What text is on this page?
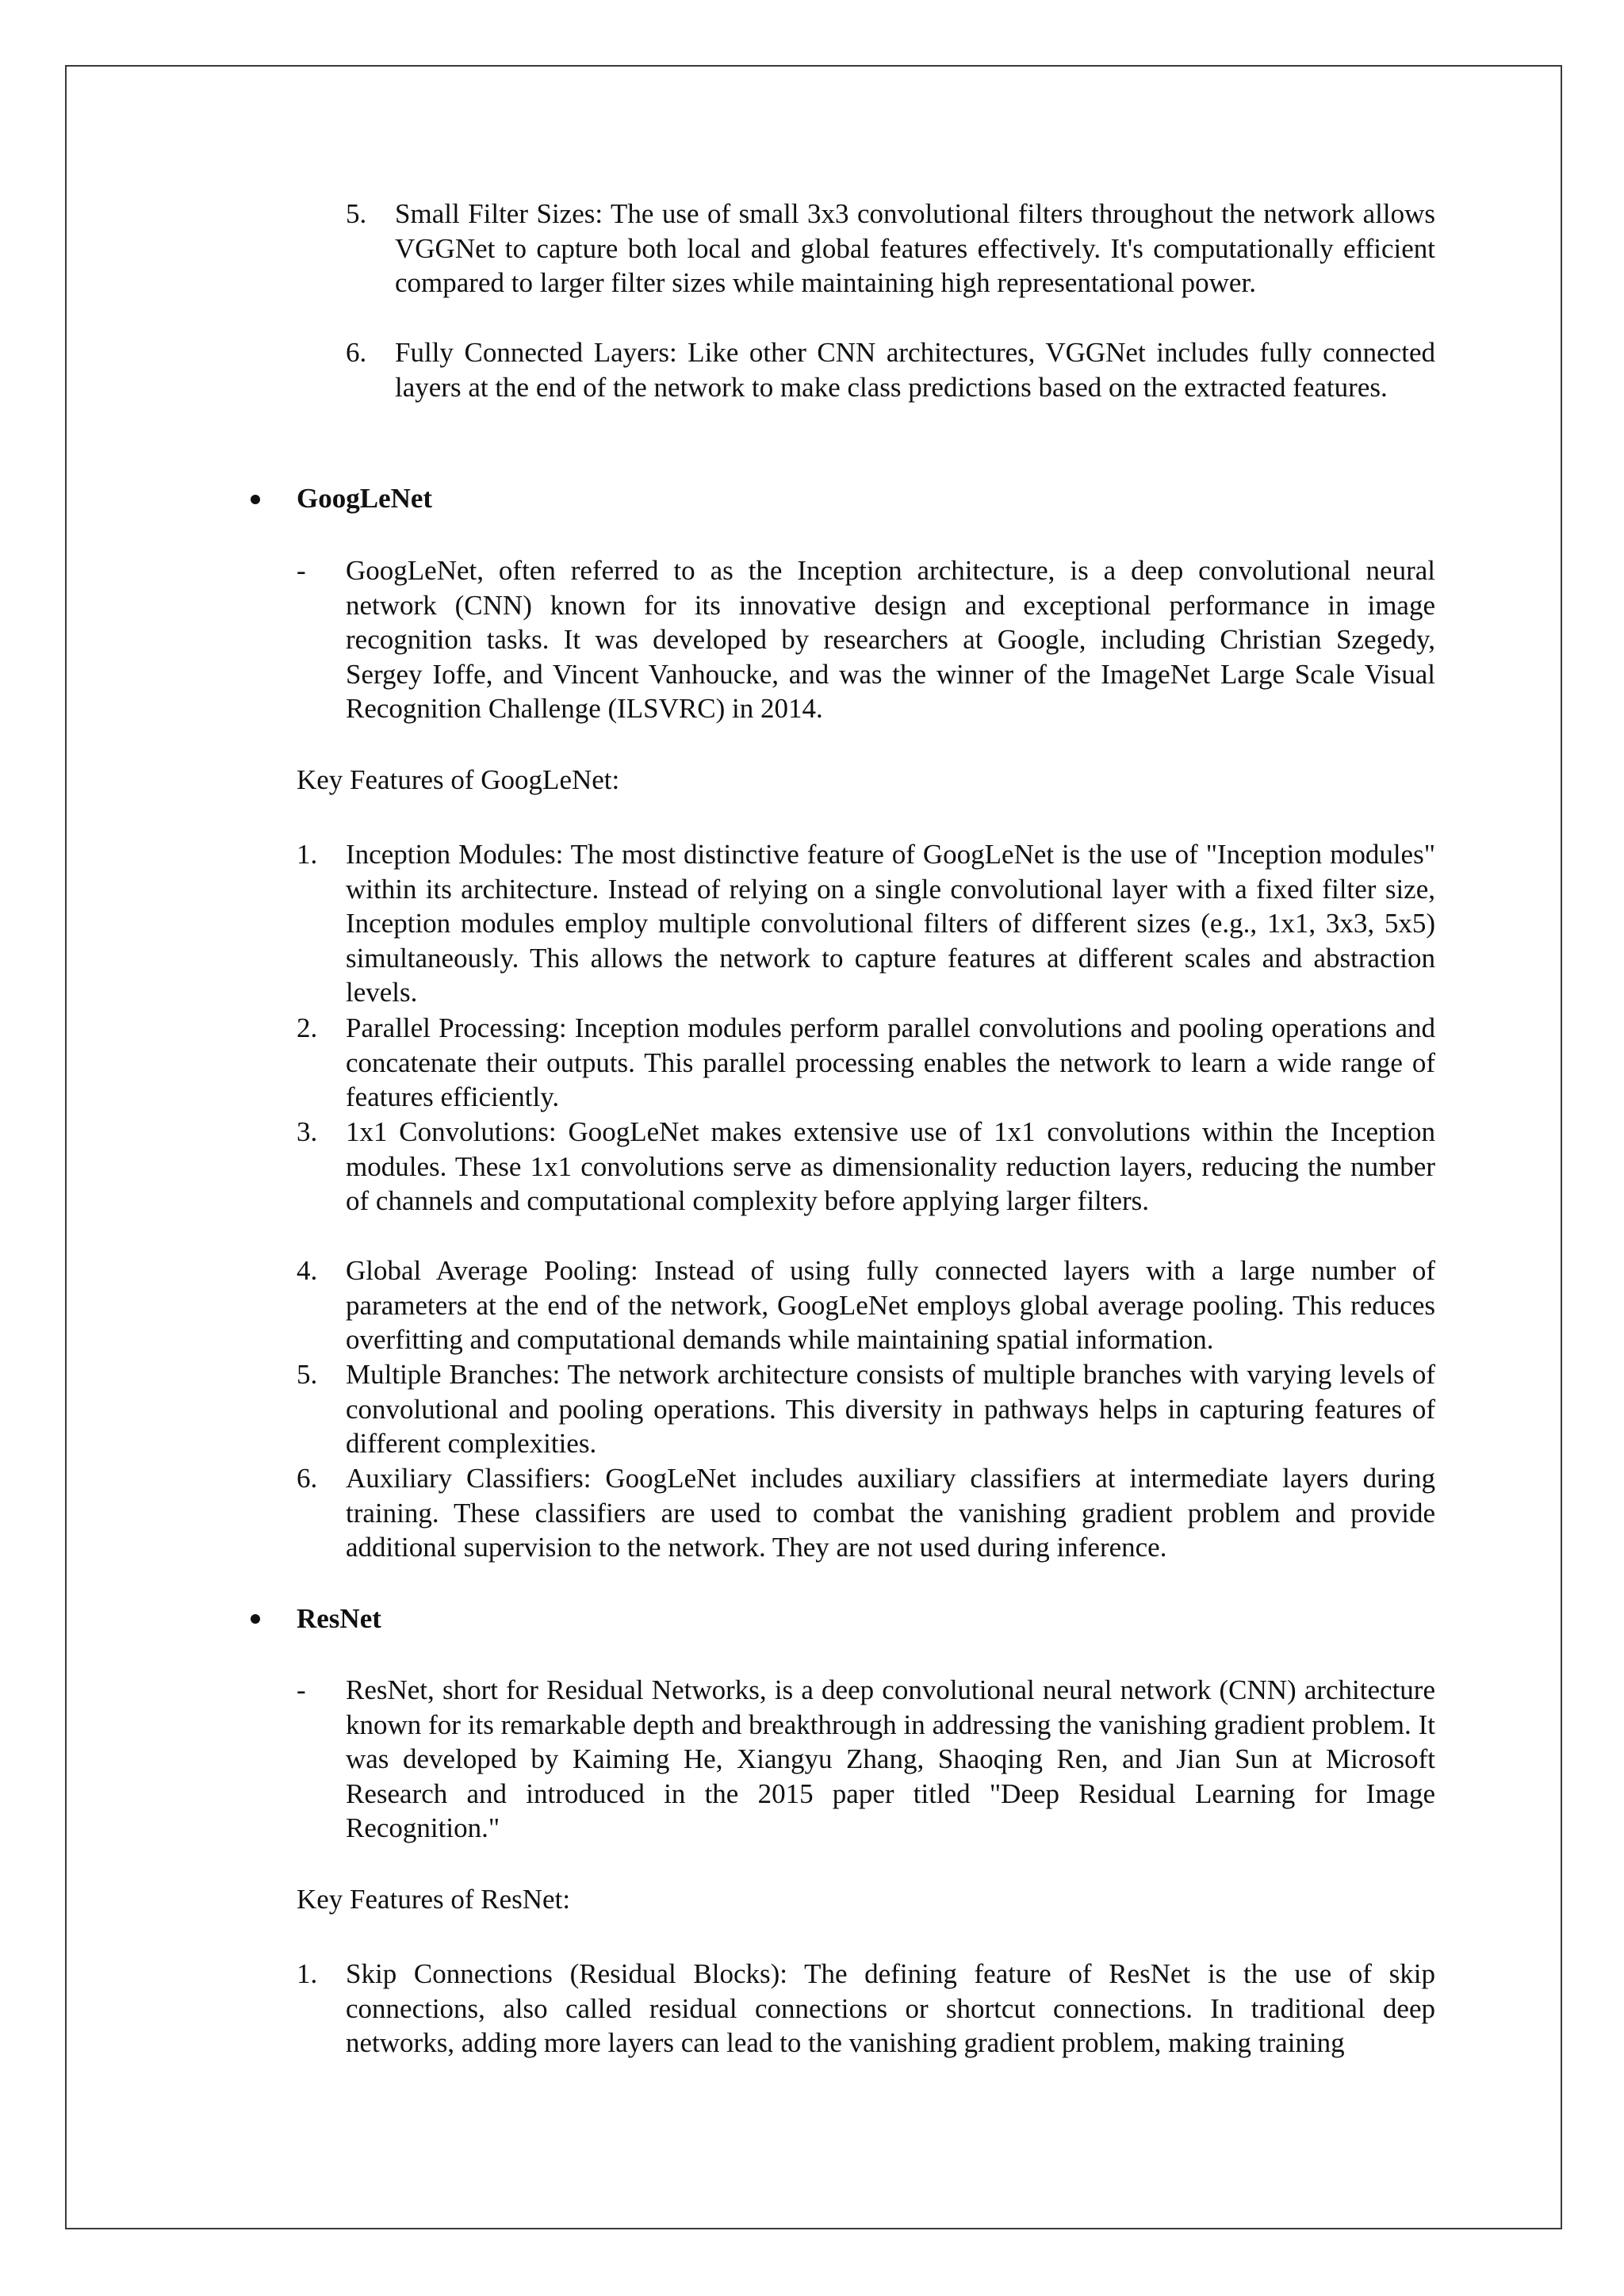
5. Small Filter Sizes: The use of small 3x3 convolutional filters throughout the network allows VGGNet to capture both local and global features effectively. It's computationally efficient compared to larger filter sizes while maintaining high representational power.

6. Fully Connected Layers: Like other CNN architectures, VGGNet includes fully connected layers at the end of the network to make class predictions based on the extracted features.

GoogLeNet

- GoogLeNet, often referred to as the Inception architecture, is a deep convolutional neural network (CNN) known for its innovative design and exceptional performance in image recognition tasks. It was developed by researchers at Google, including Christian Szegedy, Sergey Ioffe, and Vincent Vanhoucke, and was the winner of the ImageNet Large Scale Visual Recognition Challenge (ILSVRC) in 2014.

Key Features of GoogLeNet:

1. Inception Modules: The most distinctive feature of GoogLeNet is the use of "Inception modules" within its architecture. Instead of relying on a single convolutional layer with a fixed filter size, Inception modules employ multiple convolutional filters of different sizes (e.g., 1x1, 3x3, 5x5) simultaneously. This allows the network to capture features at different scales and abstraction levels.

2. Parallel Processing: Inception modules perform parallel convolutions and pooling operations and concatenate their outputs. This parallel processing enables the network to learn a wide range of features efficiently.

3. 1x1 Convolutions: GoogLeNet makes extensive use of 1x1 convolutions within the Inception modules. These 1x1 convolutions serve as dimensionality reduction layers, reducing the number of channels and computational complexity before applying larger filters.

4. Global Average Pooling: Instead of using fully connected layers with a large number of parameters at the end of the network, GoogLeNet employs global average pooling. This reduces overfitting and computational demands while maintaining spatial information.

5. Multiple Branches: The network architecture consists of multiple branches with varying levels of convolutional and pooling operations. This diversity in pathways helps in capturing features of different complexities.

6. Auxiliary Classifiers: GoogLeNet includes auxiliary classifiers at intermediate layers during training. These classifiers are used to combat the vanishing gradient problem and provide additional supervision to the network. They are not used during inference.

ResNet

- ResNet, short for Residual Networks, is a deep convolutional neural network (CNN) architecture known for its remarkable depth and breakthrough in addressing the vanishing gradient problem. It was developed by Kaiming He, Xiangyu Zhang, Shaoqing Ren, and Jian Sun at Microsoft Research and introduced in the 2015 paper titled "Deep Residual Learning for Image Recognition."

Key Features of ResNet:

1. Skip Connections (Residual Blocks): The defining feature of ResNet is the use of skip connections, also called residual connections or shortcut connections. In traditional deep networks, adding more layers can lead to the vanishing gradient problem, making training
